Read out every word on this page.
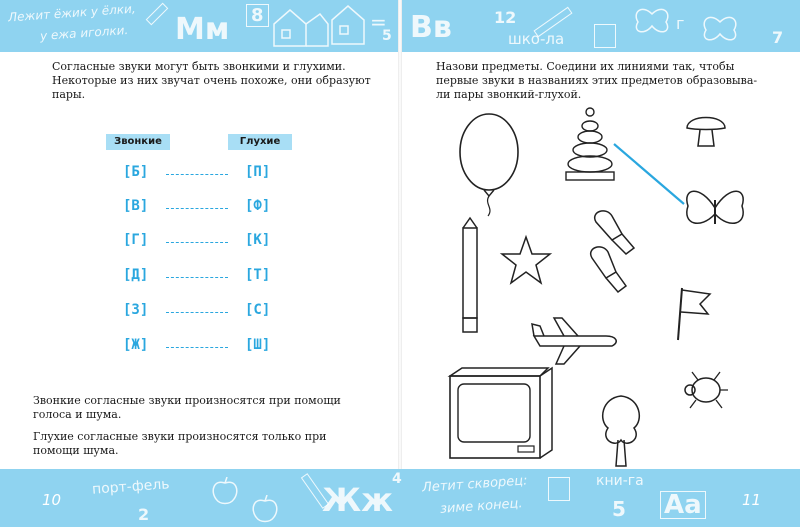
Лежит ёжик у ёлки,
у ежа иголки. Мм 8	=
5 Вв	12
шко-ла
г
7

Согласные звуки могут быть звонкими и глухими.

Некоторые из них звучат очень похоже, они образуют

пары.

Звонкие	Глухие
[Б]	[П]
[В]	[Ф]
[Г]	[К]
[Д]	[Т]
[З]	[С]
[Ж]	[Ш]

Звонкие согласные звуки произносятся при помощи

голоса и шума.

Глухие согласные звуки произносятся только при

помощи шума.

Назови предметы. Соедини их линиями так, чтобы

первые звуки в названиях этих предметов образовыва-

ли пары звонкий-глухой.

10
порт-фель
2	Жж
4 Летит скворец:
зиме конец.
кни-га
5 Аа	11
